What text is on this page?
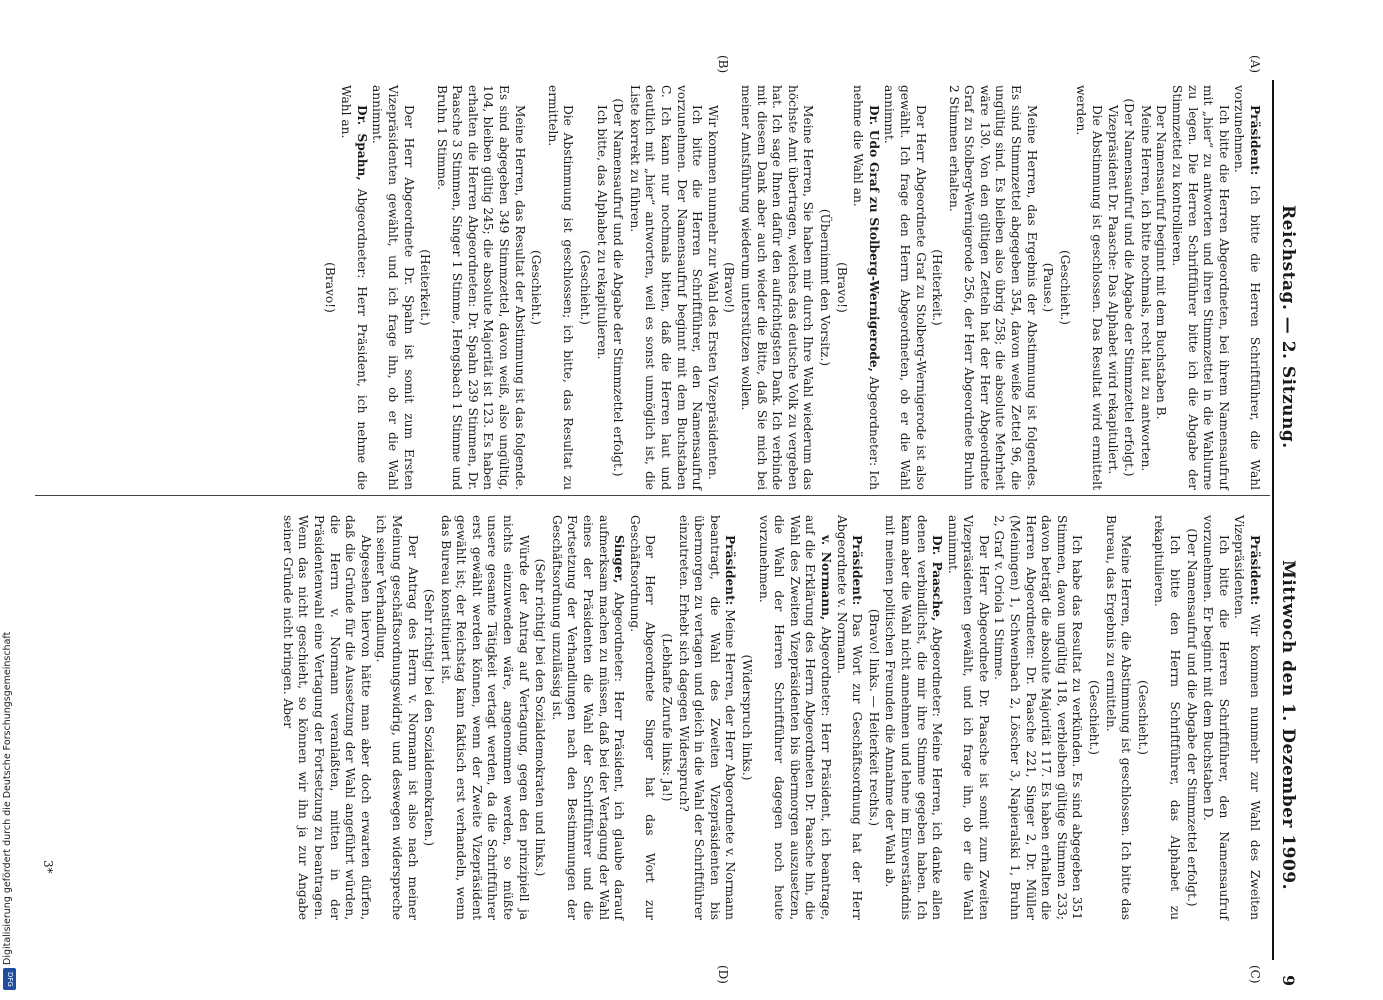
Digitalisierung gefördert durch die Deutsche Forschungsgemeinschaft
DFG
Reichstag. — 2. Sitzung.
Mittwoch den 1. Dezember 1909.
9
(A)
(B)
(C)
(D)

Präsident: Ich bitte die Herren Schriftführer, die Wahl vorzunehmen.

Ich bitte die Herren Abgeordneten, bei ihrem Namensaufruf mit „hier“ zu antworten und ihren Stimmzettel in die Wahlurne zu legen. Die Herren Schriftführer bitte ich die Abgabe der Stimmzettel zu kontrollieren.

Der Namensaufruf beginnt mit dem Buchstaben B.

Meine Herren, ich bitte nochmals, recht laut zu antworten.

(Der Namensaufruf und die Abgabe der Stimmzettel erfolgt.)

Vizepräsident Dr. Paasche: Das Alphabet wird rekapituliert.

Die Abstimmung ist geschlossen. Das Resultat wird ermittelt werden.

(Geschieht.)

(Pause.)

Meine Herren, das Ergebnis der Abstimmung ist folgendes. Es sind Stimmzettel abgegeben 354, davon weiße Zettel 96, die ungültig sind. Es bleiben also übrig 258; die absolute Mehrheit wäre 130. Von den gültigen Zetteln hat der Herr Abgeordnete Graf zu Stolberg-Wernigerode 256, der Herr Abgeordnete Bruhn 2 Stimmen erhalten.

(Heiterkeit.)

Der Herr Abgeordnete Graf zu Stolberg-Wernigerode ist also gewählt. Ich frage den Herrn Abgeordneten, ob er die Wahl annimmt.

Dr. Udo Graf zu Stolberg-Wernigerode, Abgeordneter: Ich nehme die Wahl an.

(Bravo!)

(Übernimmt den Vorsitz.)

Meine Herren, Sie haben mir durch Ihre Wahl wiederum das höchste Amt übertragen, welches das deutsche Volk zu vergeben hat. Ich sage Ihnen dafür den aufrichtigsten Dank. Ich verbinde mit diesem Dank aber auch wieder die Bitte, daß Sie mich bei meiner Amtsführung wiederum unterstützen wollen.

(Bravo!)

Wir kommen nunmehr zur Wahl des Ersten Vizepräsidenten.

Ich bitte die Herren Schriftführer, den Namensaufruf vorzunehmen. Der Namensaufruf beginnt mit dem Buchstaben C. Ich kann nur nochmals bitten, daß die Herren laut und deutlich mit „hier“ antworten, weil es sonst unmöglich ist, die Liste korrekt zu führen.

(Der Namensaufruf und die Abgabe der Stimmzettel erfolgt.)

Ich bitte, das Alphabet zu rekapitulieren.

(Geschieht.)

Die Abstimmung ist geschlossen; ich bitte, das Resultat zu ermitteln.

(Geschieht.)

Meine Herren, das Resultat der Abstimmung ist das folgende. Es sind abgegeben 349 Stimmzettel, davon weiß, also ungültig, 104, bleiben gültig 245; die absolute Majorität ist 123. Es haben erhalten die Herren Abgeordneten: Dr. Spahn 239 Stimmen, Dr. Paasche 3 Stimmen, Singer 1 Stimme, Hengsbach 1 Stimme und Bruhn 1 Stimme.

(Heiterkeit.)

Der Herr Abgeordnete Dr. Spahn ist somit zum Ersten Vizepräsidenten gewählt, und ich frage ihn, ob er die Wahl annimmt.

Dr. Spahn, Abgeordneter: Herr Präsident, ich nehme die Wahl an.

(Bravo!)

Präsident: Wir kommen nunmehr zur Wahl des Zweiten Vizepräsidenten.

Ich bitte die Herren Schriftführer, den Namensaufruf vorzunehmen. Er beginnt mit dem Buchstaben D.

(Der Namensaufruf und die Abgabe der Stimmzettel erfolgt.)

Ich bitte den Herrn Schriftführer, das Alphabet zu rekapitulieren.

(Geschieht.)

Meine Herren, die Abstimmung ist geschlossen. Ich bitte das Bureau, das Ergebnis zu ermitteln.

(Geschieht.)

Ich habe das Resultat zu verkünden. Es sind abgegeben 351 Stimmen, davon ungültig 118, verbleiben gültige Stimmen 233; davon beträgt die absolute Majorität 117. Es haben erhalten die Herren Abgeordneten: Dr. Paasche 221, Singer 2, Dr. Müller (Meiningen) 1, Schwenbach 2, Löscher 3, Napieralski 1, Bruhn 2, Graf v. Oriola 1 Stimme.

Der Herr Abgeordnete Dr. Paasche ist somit zum Zweiten Vizepräsidenten gewählt, und ich frage ihn, ob er die Wahl annimmt.

Dr. Paasche, Abgeordneter: Meine Herren, ich danke allen denen verbindlichst, die mir ihre Stimme gegeben haben. Ich kann aber die Wahl nicht annehmen und lehne im Einverständnis mit meinen politischen Freunden die Annahme der Wahl ab.

(Bravo! links. — Heiterkeit rechts.)

Präsident: Das Wort zur Geschäftsordnung hat der Herr Abgeordnete v. Normann.

v. Normann, Abgeordneter: Herr Präsident, ich beantrage, auf die Erklärung des Herrn Abgeordneten Dr. Paasche hin, die Wahl des Zweiten Vizepräsidenten bis übermorgen auszusetzen, die Wahl der Herren Schriftführer dagegen noch heute vorzunehmen.

(Widerspruch links.)

Präsident: Meine Herren, der Herr Abgeordnete v. Normann beantragt, die Wahl des Zweiten Vizepräsidenten bis übermorgen zu vertagen und gleich in die Wahl der Schriftführer einzutreten. Erhebt sich dagegen Widerspruch?

(Lebhafte Zurufe links: Ja!)

Der Herr Abgeordnete Singer hat das Wort zur Geschäftsordnung.

Singer, Abgeordneter: Herr Präsident, ich glaube darauf aufmerksam machen zu müssen, daß bei der Vertagung der Wahl eines der Präsidenten die Wahl der Schriftführer und die Fortsetzung der Verhandlungen nach den Bestimmungen der Geschäftsordnung unzulässig ist.

(Sehr richtig! bei den Sozialdemokraten und links.)

Würde der Antrag auf Vertagung, gegen den prinzipiell ja nichts einzuwenden wäre, angenommen werden, so müßte unsere gesamte Tätigkeit vertagt werden, da die Schriftführer erst gewählt werden können, wenn der Zweite Vizepräsident gewählt ist; der Reichstag kann faktisch erst verhandeln, wenn das Bureau konstituiert ist.

(Sehr richtig! bei den Sozialdemokraten.)

Der Antrag des Herrn v. Normann ist also nach meiner Meinung geschäftsordnungswidrig, und deswegen widerspreche ich seiner Verhandlung.

Abgesehen hiervon hätte man aber doch erwarten dürfen, daß die Gründe für die Aussetzung der Wahl angeführt würden, die Herrn v. Normann veranlaßten, mitten in der Präsidentenwahl eine Vertagung der Fortsetzung zu beantragen. Wenn das nicht geschieht, so können wir ihn ja zur Angabe seiner Gründe nicht bringen. Aber

3*
